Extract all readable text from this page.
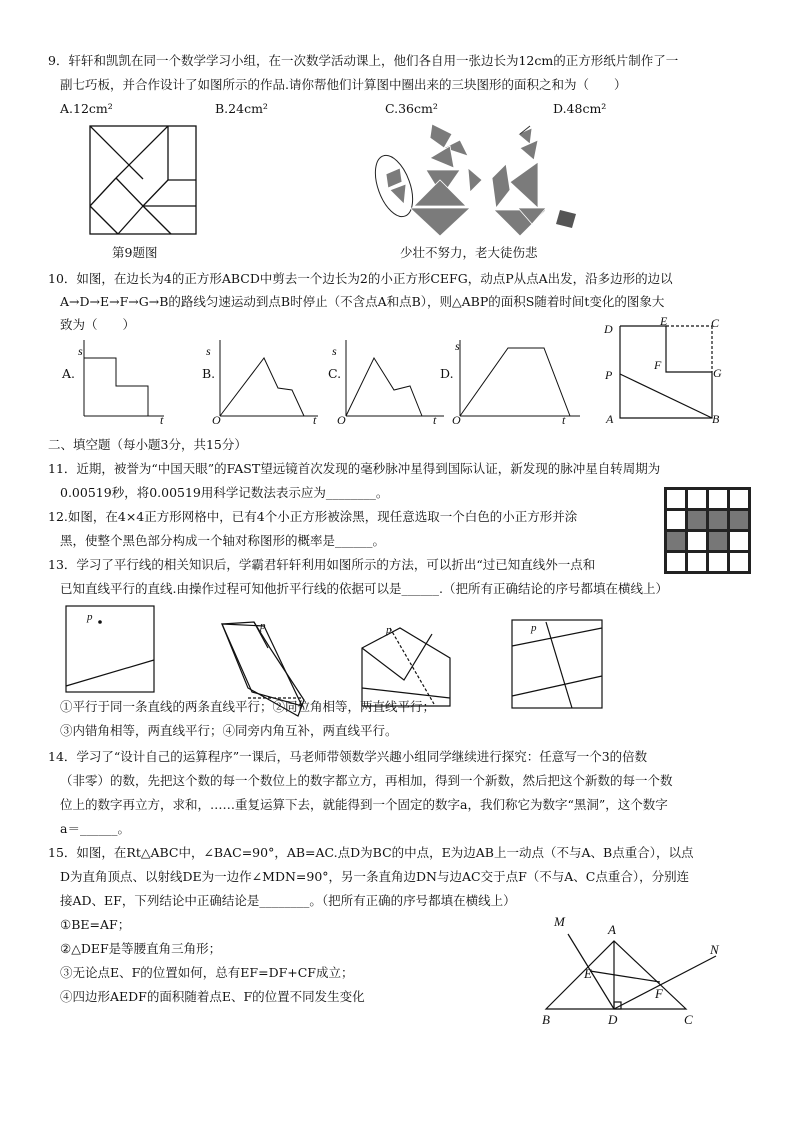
9．轩轩和凯凯在同一个数学学习小组，在一次数学活动课上，他们各自用一张边长为12cm的正方形纸片制作了一
副七巧板，并合作设计了如图所示的作品.请你帮他们计算图中圈出来的三块图形的面积之和为（　　）
A.12cm²	B.24cm²	C.36cm²	D.48cm²
第9题图	少壮不努力，老大徒伤悲
10．如图，在边长为4的正方形ABCD中剪去一个边长为2的小正方形CEFG，动点P从点A出发，沿多边形的边以
A→D→E→F→G→B的路线匀速运动到点B时停止（不含点A和点B），则△ABP的面积S随着时间t变化的图象大
致为（　　）
A.	B.	C.	D.
s
t
s
t
O
s
t
O
s
t
O
D
E	C
F
G
P
A	B
二、填空题（每小题3分，共15分）
11．近期，被誉为“中国天眼”的FAST望远镜首次发现的毫秒脉冲星得到国际认证，新发现的脉冲星自转周期为
0.00519秒，将0.00519用科学记数法表示应为________。
12.如图，在4×4正方形网格中，已有4个小正方形被涂黑，现任意选取一个白色的小正方形并涂
黑，使整个黑色部分构成一个轴对称图形的概率是______。
13．学习了平行线的相关知识后，学霸君轩轩利用如图所示的方法，可以折出“过已知直线外一点和
已知直线平行的直线.由操作过程可知他折平行线的依据可以是______.（把所有正确结论的序号都填在横线上）
p
p	p	p
①平行于同一条直线的两条直线平行；②同位角相等，两直线平行；
③内错角相等，两直线平行；④同旁内角互补，两直线平行。
14．学习了“设计自己的运算程序”一课后，马老师带领数学兴趣小组同学继续进行探究：任意写一个3的倍数
（非零）的数，先把这个数的每一个数位上的数字都立方，再相加，得到一个新数，然后把这个新数的每一个数
位上的数字再立方，求和，……重复运算下去，就能得到一个固定的数字a，我们称它为数字“黑洞”，这个数字
a＝______。
15．如图，在Rt△ABC中，∠BAC=90°，AB=AC.点D为BC的中点，E为边AB上一动点（不与A、B点重合），以点
D为直角顶点、以射线DE为一边作∠MDN=90°，另一条直角边DN与边AC交于点F（不与A、C点重合），分别连
接AD、EF，下列结论中正确结论是________。（把所有正确的序号都填在横线上）
①BE=AF；
②△DEF是等腰直角三角形；
③无论点E、F的位置如何，总有EF=DF+CF成立；
④四边形AEDF的面积随着点E、F的位置不同发生变化
M
A
N
E
F
B	D	C
